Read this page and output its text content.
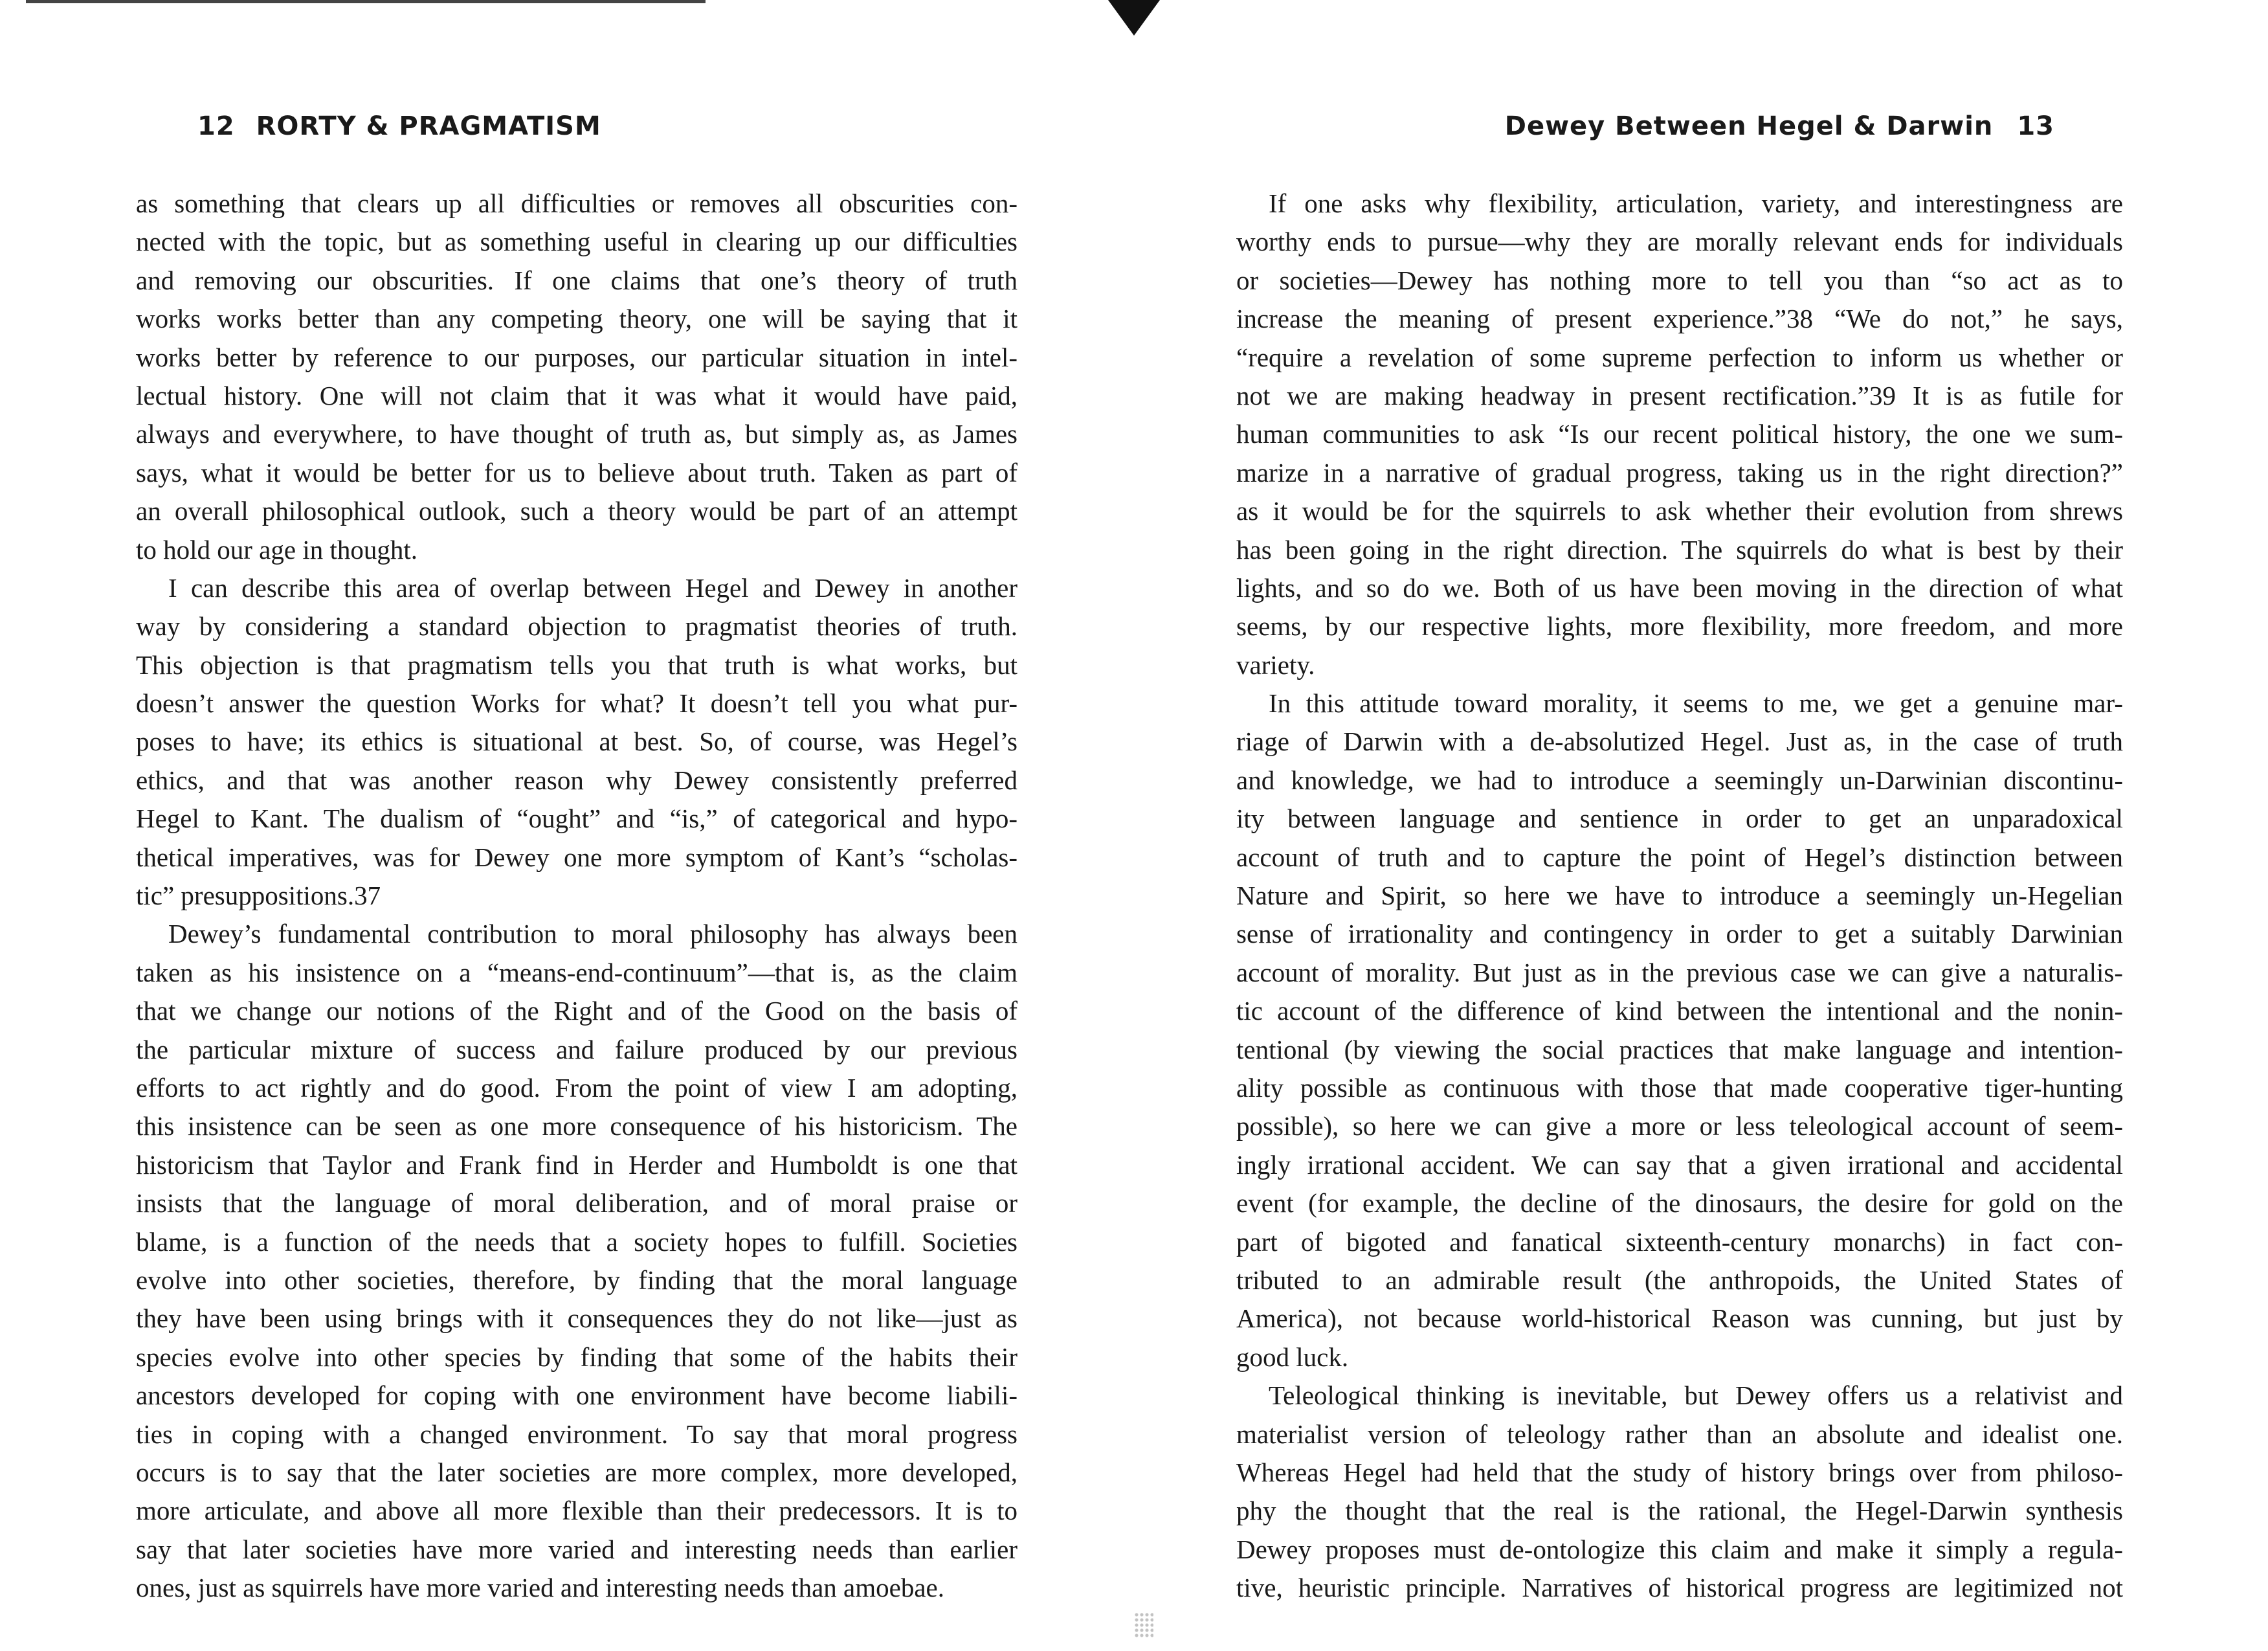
12 RORTY & PRAGMATISM
as something that clears up all difficulties or removes all obscurities con-
nected with the topic, but as something useful in clearing up our difficulties
and removing our obscurities. If one claims that one’s theory of truth
works works better than any competing theory, one will be saying that it
works better by reference to our purposes, our particular situation in intel-
lectual history. One will not claim that it was what it would have paid,
always and everywhere, to have thought of truth as, but simply as, as James
says, what it would be better for us to believe about truth. Taken as part of
an overall philosophical outlook, such a theory would be part of an attempt
to hold our age in thought.
I can describe this area of overlap between Hegel and Dewey in another
way by considering a standard objection to pragmatist theories of truth.
This objection is that pragmatism tells you that truth is what works, but
doesn’t answer the question Works for what? It doesn’t tell you what pur-
poses to have; its ethics is situational at best. So, of course, was Hegel’s
ethics, and that was another reason why Dewey consistently preferred
Hegel to Kant. The dualism of “ought” and “is,” of categorical and hypo-
thetical imperatives, was for Dewey one more symptom of Kant’s “scholas-
tic” presuppositions.37
Dewey’s fundamental contribution to moral philosophy has always been
taken as his insistence on a “means-end-continuum”—that is, as the claim
that we change our notions of the Right and of the Good on the basis of
the particular mixture of success and failure produced by our previous
efforts to act rightly and do good. From the point of view I am adopting,
this insistence can be seen as one more consequence of his historicism. The
historicism that Taylor and Frank find in Herder and Humboldt is one that
insists that the language of moral deliberation, and of moral praise or
blame, is a function of the needs that a society hopes to fulfill. Societies
evolve into other societies, therefore, by finding that the moral language
they have been using brings with it consequences they do not like—just as
species evolve into other species by finding that some of the habits their
ancestors developed for coping with one environment have become liabili-
ties in coping with a changed environment. To say that moral progress
occurs is to say that the later societies are more complex, more developed,
more articulate, and above all more flexible than their predecessors. It is to
say that later societies have more varied and interesting needs than earlier
ones, just as squirrels have more varied and interesting needs than amoebae.
Dewey Between Hegel & Darwin 13
If one asks why flexibility, articulation, variety, and interestingness are
worthy ends to pursue—why they are morally relevant ends for individuals
or societies—Dewey has nothing more to tell you than “so act as to
increase the meaning of present experience.”38 “We do not,” he says,
“require a revelation of some supreme perfection to inform us whether or
not we are making headway in present rectification.”39 It is as futile for
human communities to ask “Is our recent political history, the one we sum-
marize in a narrative of gradual progress, taking us in the right direction?”
as it would be for the squirrels to ask whether their evolution from shrews
has been going in the right direction. The squirrels do what is best by their
lights, and so do we. Both of us have been moving in the direction of what
seems, by our respective lights, more flexibility, more freedom, and more
variety.
In this attitude toward morality, it seems to me, we get a genuine mar-
riage of Darwin with a de-absolutized Hegel. Just as, in the case of truth
and knowledge, we had to introduce a seemingly un-Darwinian discontinu-
ity between language and sentience in order to get an unparadoxical
account of truth and to capture the point of Hegel’s distinction between
Nature and Spirit, so here we have to introduce a seemingly un-Hegelian
sense of irrationality and contingency in order to get a suitably Darwinian
account of morality. But just as in the previous case we can give a naturalis-
tic account of the difference of kind between the intentional and the nonin-
tentional (by viewing the social practices that make language and intention-
ality possible as continuous with those that made cooperative tiger-hunting
possible), so here we can give a more or less teleological account of seem-
ingly irrational accident. We can say that a given irrational and accidental
event (for example, the decline of the dinosaurs, the desire for gold on the
part of bigoted and fanatical sixteenth-century monarchs) in fact con-
tributed to an admirable result (the anthropoids, the United States of
America), not because world-historical Reason was cunning, but just by
good luck.
Teleological thinking is inevitable, but Dewey offers us a relativist and
materialist version of teleology rather than an absolute and idealist one.
Whereas Hegel had held that the study of history brings over from philoso-
phy the thought that the real is the rational, the Hegel-Darwin synthesis
Dewey proposes must de-ontologize this claim and make it simply a regula-
tive, heuristic principle. Narratives of historical progress are legitimized not
